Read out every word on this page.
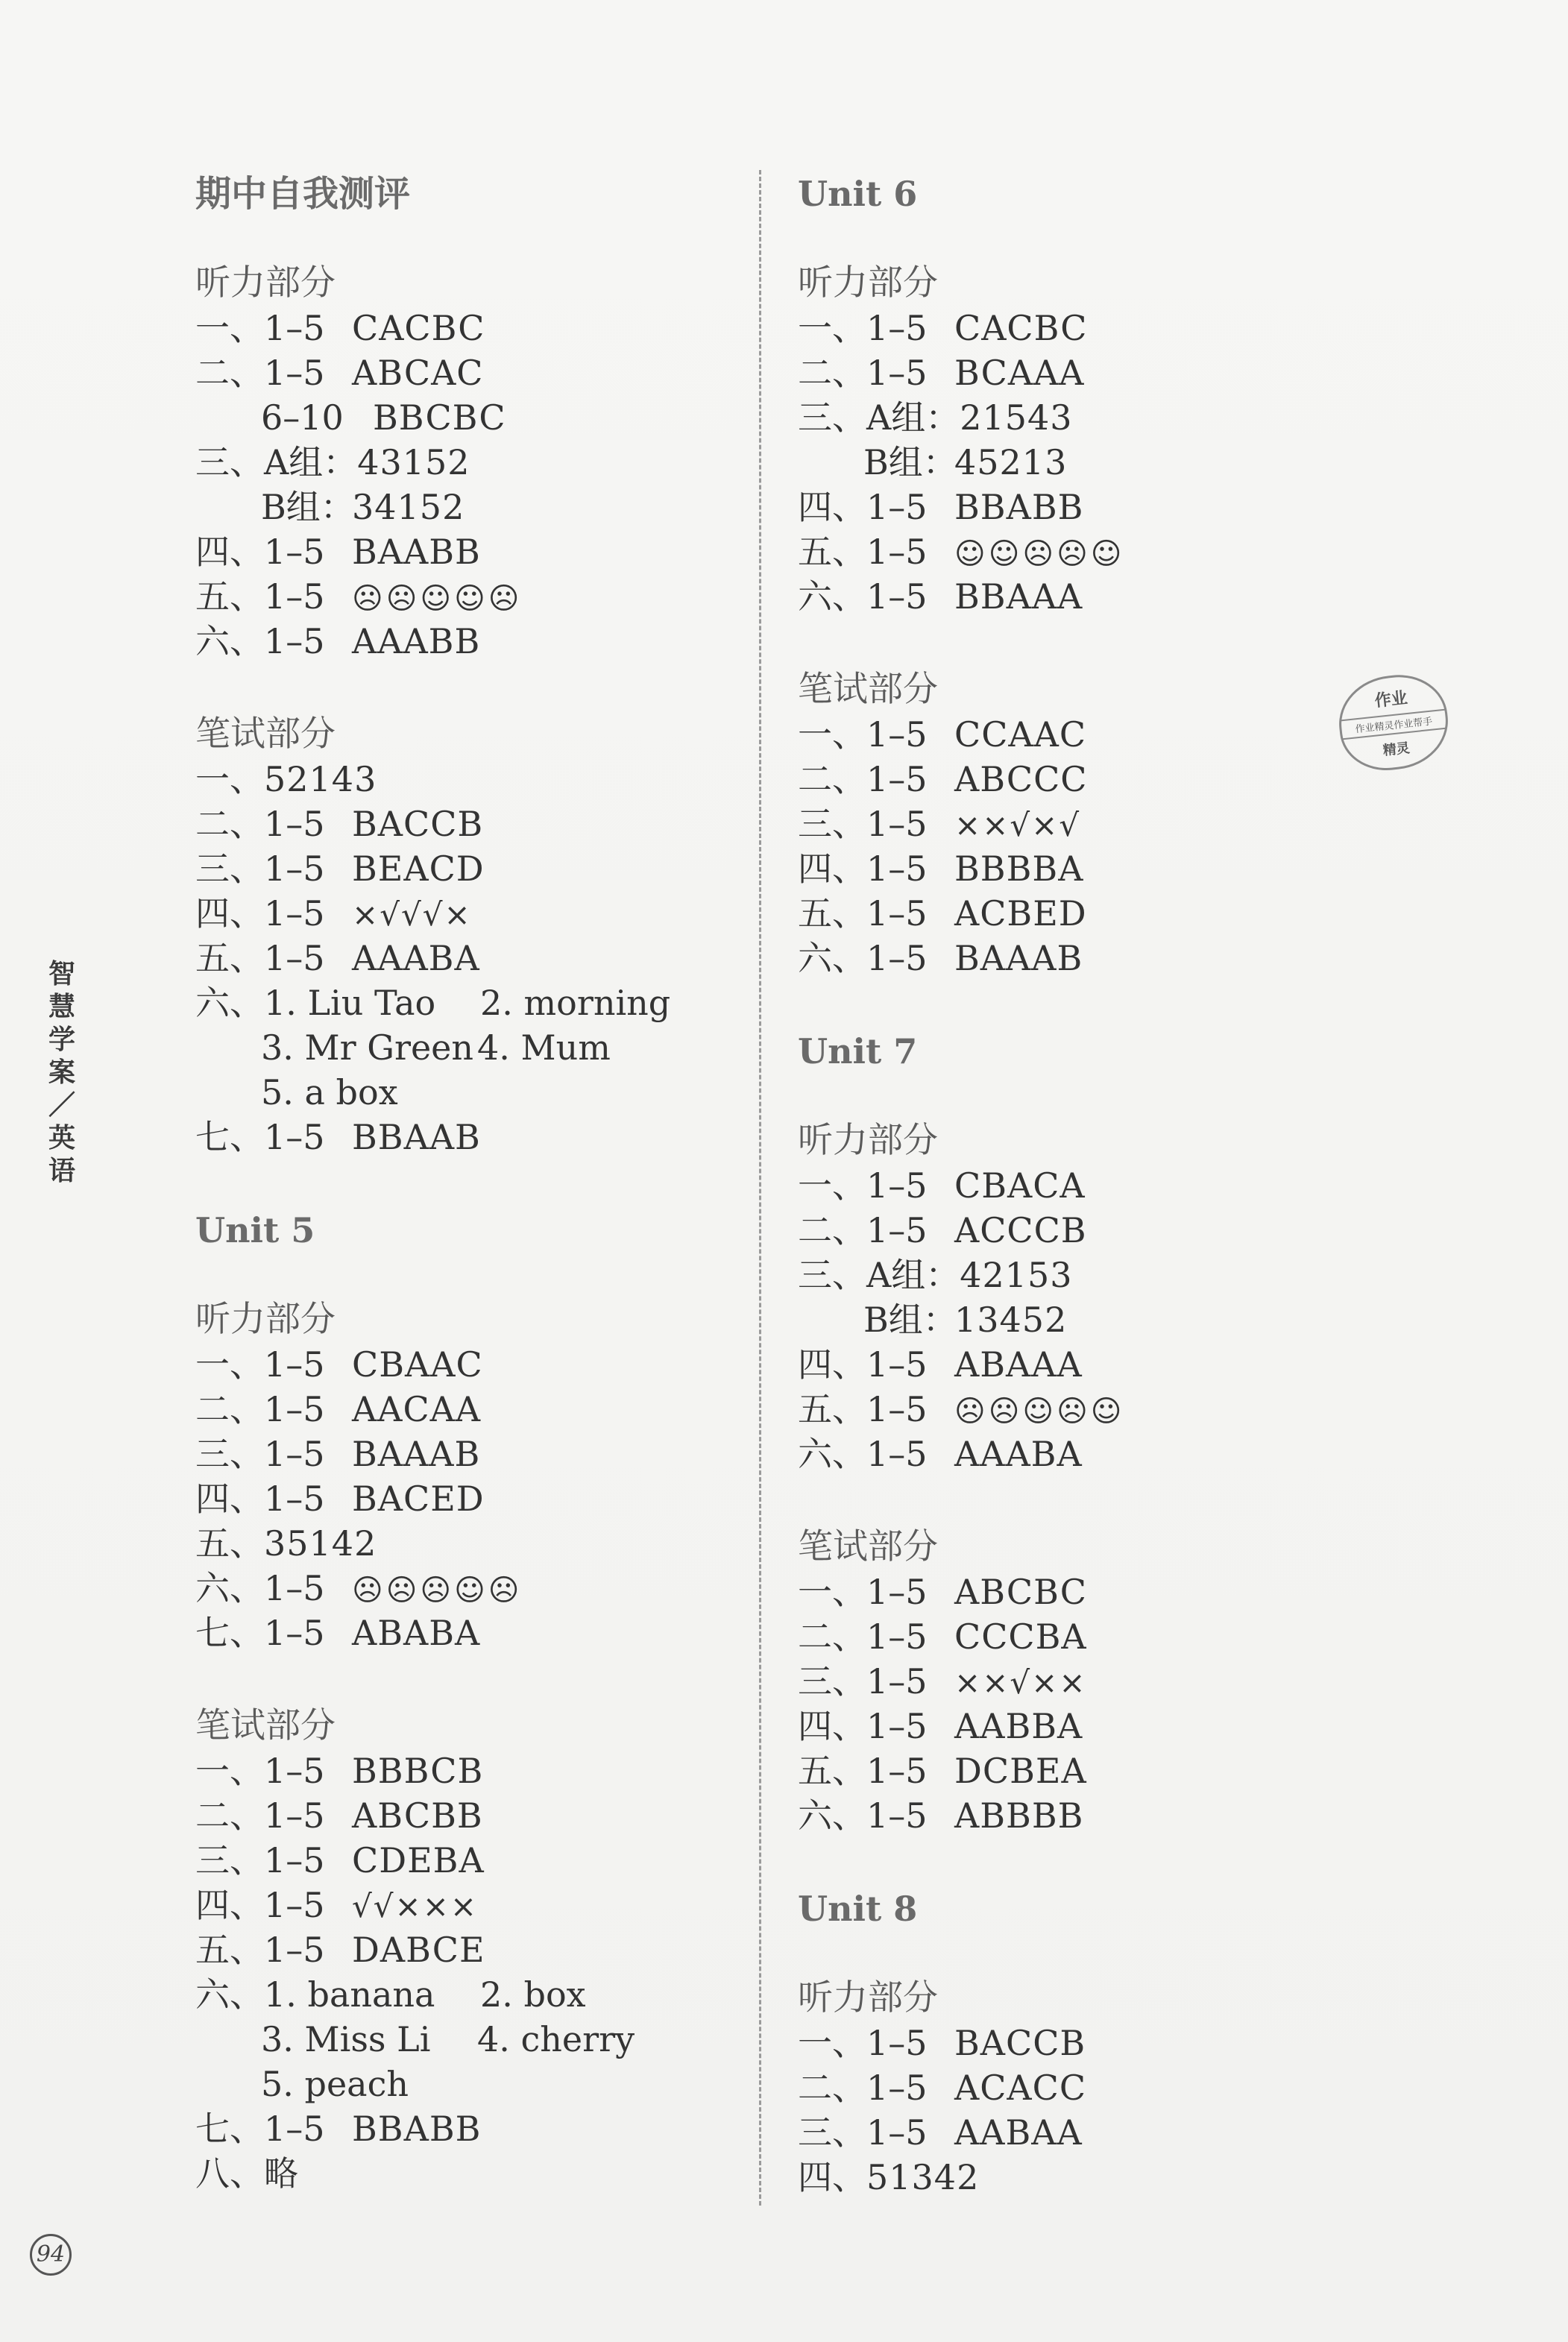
智慧学案／英语
94
作业
作业精灵作业帮手
精灵
期中自我测评
听力部分
一、1–5 CACBC
二、1–5 ABCAC
6–10 BBCBC
三、A组：43152
B组：34152
四、1–5 BAABB
五、1–5 ☹☹☺☺☹
六、1–5 AAABB
笔试部分
一、52143
二、1–5 BACCB
三、1–5 BEACD
四、1–5 ×√√√×
五、1–5 AAABA
六、1. Liu Tao 2. morning
3. Mr Green 4. Mum
5. a box
七、1–5 BBAAB
Unit 5
听力部分
一、1–5 CBAAC
二、1–5 AACAA
三、1–5 BAAAB
四、1–5 BACED
五、35142
六、1–5 ☹☹☹☺☹
七、1–5 ABABA
笔试部分
一、1–5 BBBCB
二、1–5 ABCBB
三、1–5 CDEBA
四、1–5 √√×××
五、1–5 DABCE
六、1. banana 2. box
3. Miss Li 4. cherry
5. peach
七、1–5 BBABB
八、略
Unit 6
听力部分
一、1–5 CACBC
二、1–5 BCAAA
三、A组：21543
B组：45213
四、1–5 BBABB
五、1–5 ☺☺☹☹☺
六、1–5 BBAAA
笔试部分
一、1–5 CCAAC
二、1–5 ABCCC
三、1–5 ××√×√
四、1–5 BBBBA
五、1–5 ACBED
六、1–5 BAAAB
Unit 7
听力部分
一、1–5 CBACA
二、1–5 ACCCB
三、A组：42153
B组：13452
四、1–5 ABAAA
五、1–5 ☹☹☺☹☺
六、1–5 AAABA
笔试部分
一、1–5 ABCBC
二、1–5 CCCBA
三、1–5 ××√××
四、1–5 AABBA
五、1–5 DCBEA
六、1–5 ABBBB
Unit 8
听力部分
一、1–5 BACCB
二、1–5 ACACC
三、1–5 AABAA
四、51342
